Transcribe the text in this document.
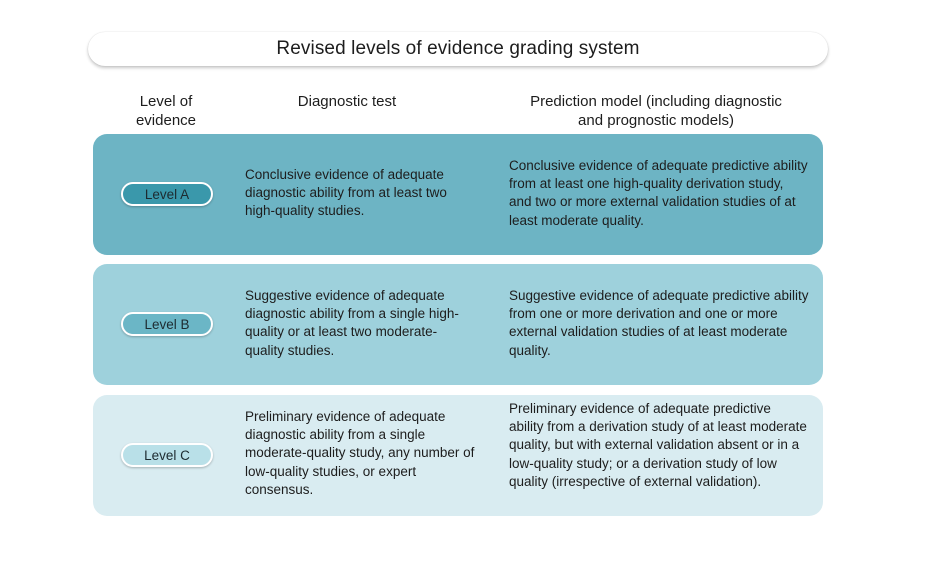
Revised levels of evidence grading system
Level of evidence
Diagnostic test	Prediction model (including diagnostic and prognostic models)
Level A
Conclusive evidence of adequate diagnostic ability from at least two high-quality studies.
Conclusive evidence of adequate predictive ability from at least one high-quality derivation study, and two or more external validation studies of at least moderate quality.
Level B
Suggestive evidence of adequate diagnostic ability from a single high-quality or at least two moderate-quality studies.
Suggestive evidence of adequate predictive ability from one or more derivation and one or more external validation studies of at least moderate quality.
Level C
Preliminary evidence of adequate diagnostic ability from a single moderate-quality study, any number of low-quality studies, or expert consensus.
Preliminary evidence of adequate predictive ability from a derivation study of at least moderate quality, but with external validation absent or in a low-quality study; or a derivation study of low quality (irrespective of external validation).
